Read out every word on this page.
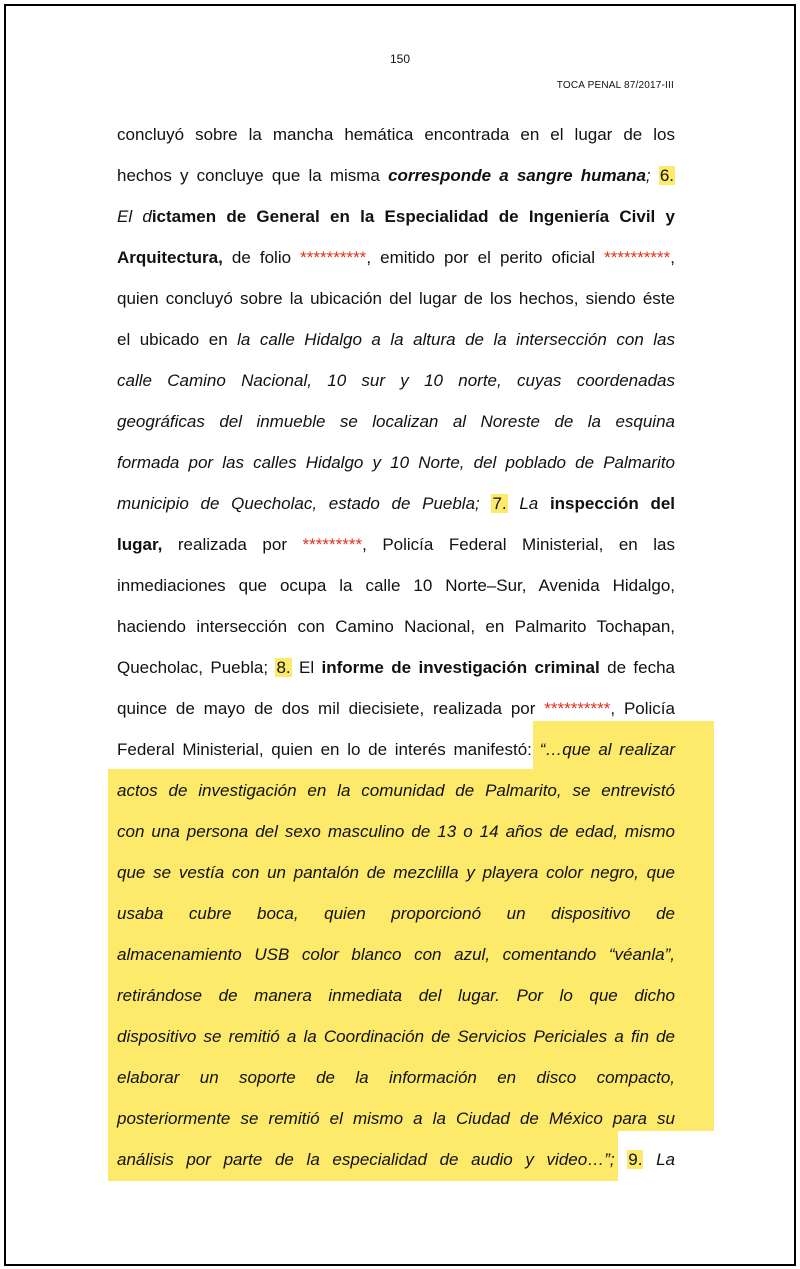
150
TOCA PENAL 87/2017-III
concluyó sobre la mancha hemática encontrada en el lugar de los
hechos y concluye que la misma corresponde a sangre humana; 6.
El dictamen de General en la Especialidad de Ingeniería Civil y
Arquitectura, de folio **********, emitido por el perito oficial **********,
quien concluyó sobre la ubicación del lugar de los hechos, siendo éste
el ubicado en la calle Hidalgo a la altura de la intersección con las
calle Camino Nacional, 10 sur y 10 norte, cuyas coordenadas
geográficas del inmueble se localizan al Noreste de la esquina
formada por las calles Hidalgo y 10 Norte, del poblado de Palmarito
municipio de Quecholac, estado de Puebla; 7. La inspección del
lugar, realizada por *********, Policía Federal Ministerial, en las
inmediaciones que ocupa la calle 10 Norte–Sur, Avenida Hidalgo,
haciendo intersección con Camino Nacional, en Palmarito Tochapan,
Quecholac, Puebla; 8. El informe de investigación criminal de fecha
quince de mayo de dos mil diecisiete, realizada por **********, Policía
Federal Ministerial, quien en lo de interés manifestó: “…que al realizar
actos de investigación en la comunidad de Palmarito, se entrevistó
con una persona del sexo masculino de 13 o 14 años de edad, mismo
que se vestía con un pantalón de mezclilla y playera color negro, que
usaba cubre boca, quien proporcionó un dispositivo de
almacenamiento USB color blanco con azul, comentando “véanla”,
retirándose de manera inmediata del lugar. Por lo que dicho
dispositivo se remitió a la Coordinación de Servicios Periciales a fin de
elaborar un soporte de la información en disco compacto,
posteriormente se remitió el mismo a la Ciudad de México para su
análisis por parte de la especialidad de audio y video…”; 9. La
